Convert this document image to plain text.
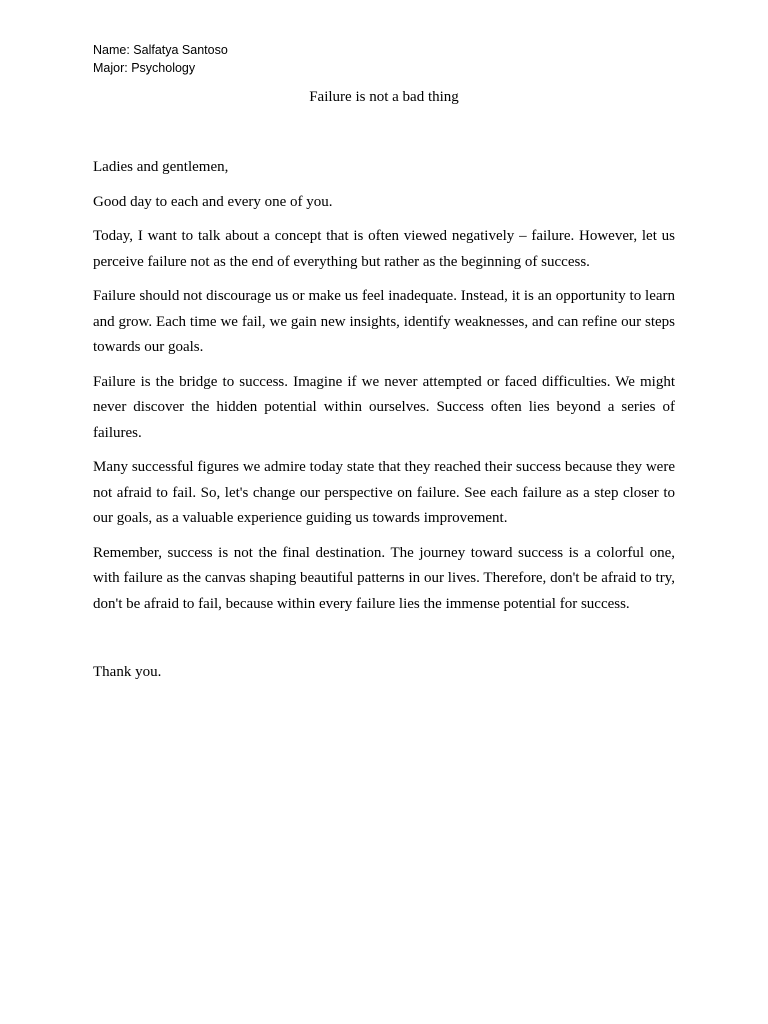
Name: Salfatya Santoso
Major: Psychology
Failure is not a bad thing

Ladies and gentlemen,

Good day to each and every one of you.

Today, I want to talk about a concept that is often viewed negatively – failure. However, let us perceive failure not as the end of everything but rather as the beginning of success.

Failure should not discourage us or make us feel inadequate. Instead, it is an opportunity to learn and grow. Each time we fail, we gain new insights, identify weaknesses, and can refine our steps towards our goals.

Failure is the bridge to success. Imagine if we never attempted or faced difficulties. We might never discover the hidden potential within ourselves. Success often lies beyond a series of failures.

Many successful figures we admire today state that they reached their success because they were not afraid to fail. So, let's change our perspective on failure. See each failure as a step closer to our goals, as a valuable experience guiding us towards improvement.

Remember, success is not the final destination. The journey toward success is a colorful one, with failure as the canvas shaping beautiful patterns in our lives. Therefore, don't be afraid to try, don't be afraid to fail, because within every failure lies the immense potential for success.

Thank you.
